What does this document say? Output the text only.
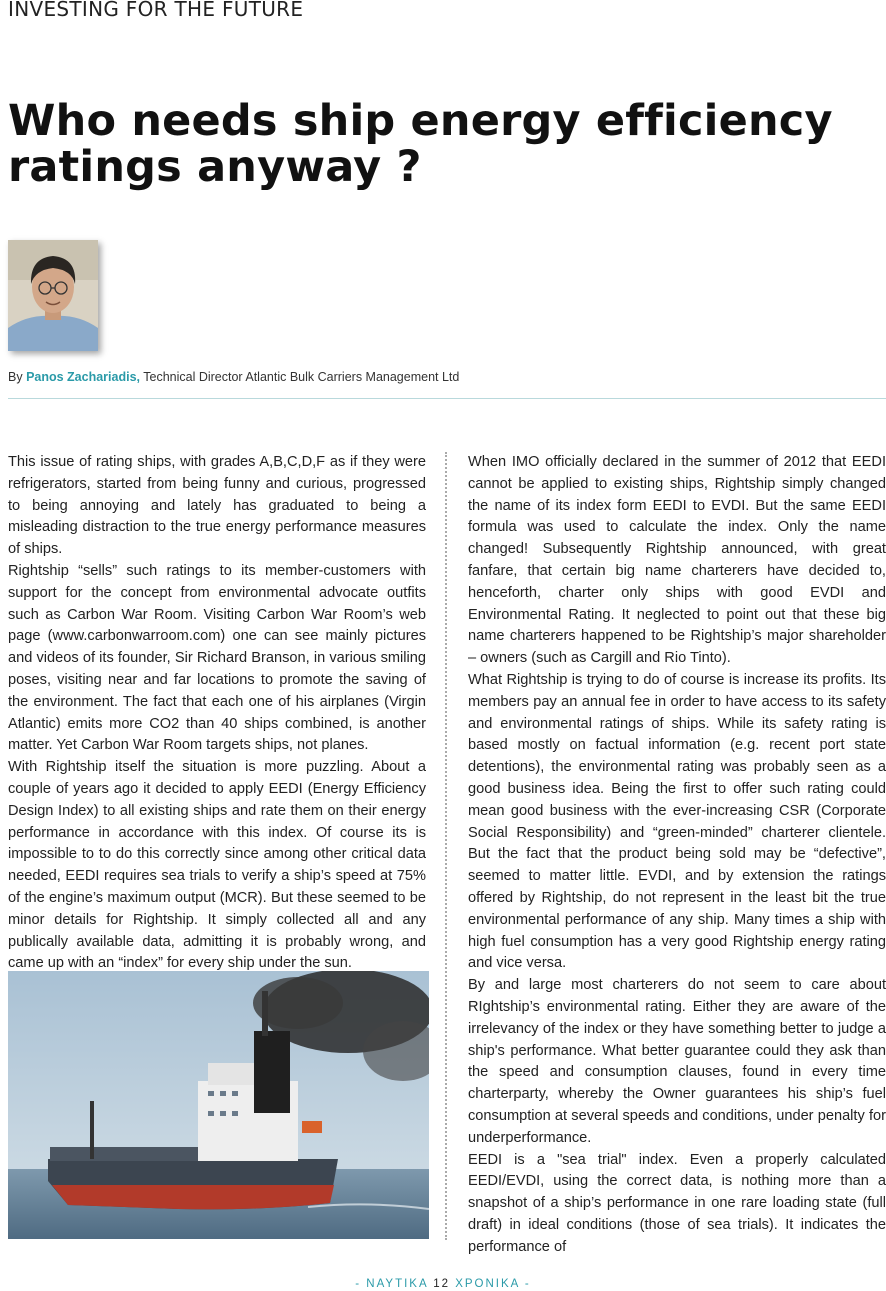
INVESTING FOR THE FUTURE
Who needs ship energy efficiency ratings anyway ?
By Panos Zachariadis, Technical Director Atlantic Bulk Carriers Management Ltd

This issue of rating ships, with grades A,B,C,D,F as if they were refrigerators, started from being funny and curious, progressed to being annoying and lately has graduated to being a misleading distraction to the true energy performance measures of ships.

Rightship “sells” such ratings to its member-customers with support for the concept from environmental advocate outfits such as Carbon War Room. Visiting Carbon War Room’s web page (www.carbonwarroom.com) one can see mainly pictures and videos of its founder, Sir Richard Branson, in various smiling poses, visiting near and far locations to promote the saving of the environment. The fact that each one of his airplanes (Virgin Atlantic) emits more CO2 than 40 ships combined, is another matter. Yet Carbon War Room targets ships, not planes.

With Rightship itself the situation is more puzzling. About a couple of years ago it decided to apply EEDI (Energy Efficiency Design Index) to all existing ships and rate them on their energy performance in accordance with this index. Of course its is impossible to to do this correctly since among other critical data needed, EEDI requires sea trials to verify a ship’s speed at 75% of the engine’s maximum output (MCR). But these seemed to be minor details for Rightship. It simply collected all and any publically available data, admitting it is probably wrong, and came up with an “index” for every ship under the sun.

When IMO officially declared in the summer of 2012 that EEDI cannot be applied to existing ships, Rightship simply changed the name of its index form EEDI to EVDI. But the same EEDI formula was used to calculate the index. Only the name changed! Subsequently Rightship announced, with great fanfare, that certain big name charterers have decided to, henceforth, charter only ships with good EVDI and Environmental Rating. It neglected to point out that these big name charterers happened to be Rightship’s major shareholder – owners (such as Cargill and Rio Tinto).

What Rightship is trying to do of course is increase its profits. Its members pay an annual fee in order to have access to its safety and environmental ratings of ships. While its safety rating is based mostly on factual information (e.g. recent port state detentions), the environmental rating was probably seen as a good business idea. Being the first to offer such rating could mean good business with the ever-increasing CSR (Corporate Social Responsibility) and “green-minded” charterer clientele. But the fact that the product being sold may be “defective”, seemed to matter little. EVDI, and by extension the ratings offered by Rightship, do not represent in the least bit the true environmental performance of any ship. Many times a ship with high fuel consumption has a very good Rightship energy rating and vice versa.

By and large most charterers do not seem to care about RIghtship’s environmental rating. Either they are aware of the irrelevancy of the index or they have something better to judge a ship's performance. What better guarantee could they ask than the speed and consumption clauses, found in every time charterparty, whereby the Owner guarantees his ship’s fuel consumption at several speeds and conditions, under penalty for underperformance.

EEDI is a "sea trial" index. Even a properly calculated EEDI/EVDI, using the correct data, is nothing more than a snapshot of a ship’s performance in one rare loading state (full draft) in ideal conditions (those of sea trials). It indicates the performance of

- ΝΑΥΤΙΚΑ 12 ΧΡΟΝΙΚΑ -
